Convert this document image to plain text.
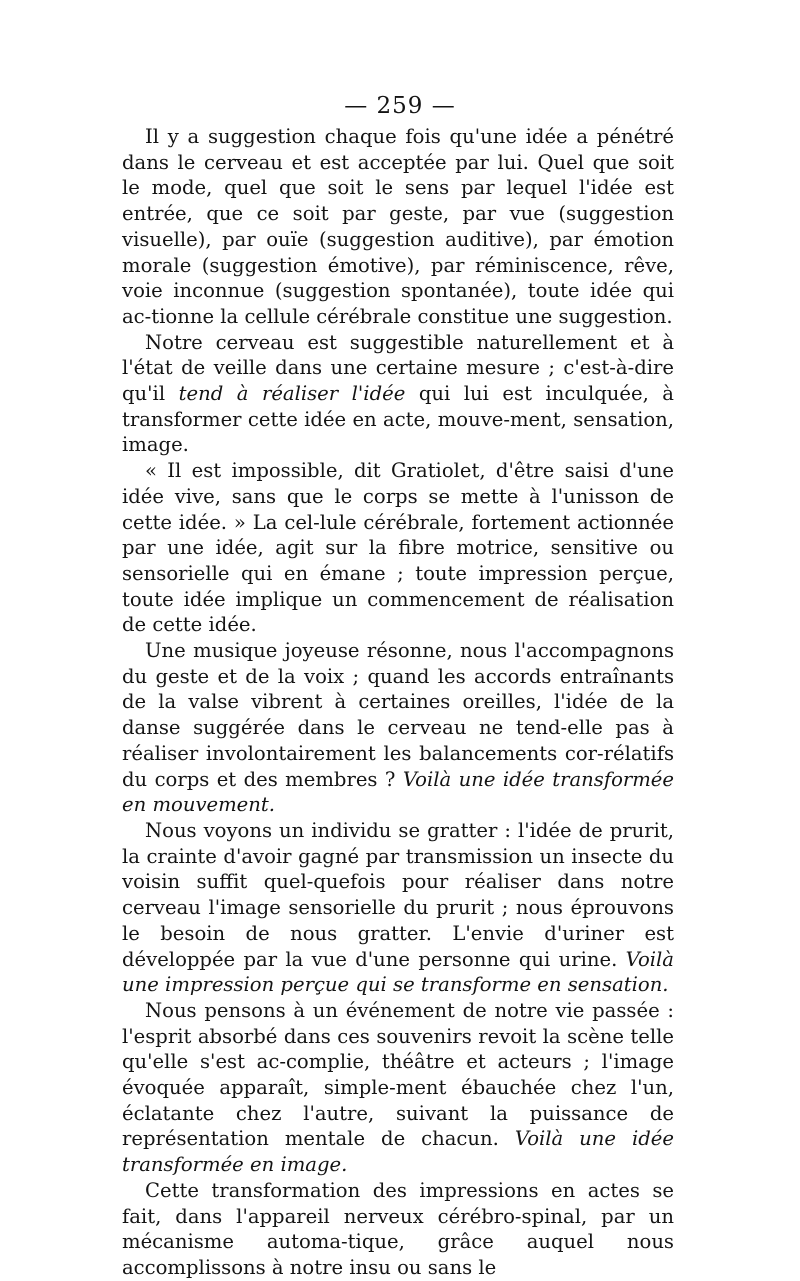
— 259 —

Il y a suggestion chaque fois qu'une idée a pénétré dans le cerveau et est acceptée par lui. Quel que soit le mode, quel que soit le sens par lequel l'idée est entrée, que ce soit par geste, par vue (suggestion visuelle), par ouïe (suggestion auditive), par émotion morale (suggestion émotive), par réminiscence, rêve, voie inconnue (suggestion spontanée), toute idée qui ac-tionne la cellule cérébrale constitue une suggestion.

Notre cerveau est suggestible naturellement et à l'état de veille dans une certaine mesure ; c'est-à-dire qu'il tend à réaliser l'idée qui lui est inculquée, à transformer cette idée en acte, mouve-ment, sensation, image.

« Il est impossible, dit Gratiolet, d'être saisi d'une idée vive, sans que le corps se mette à l'unisson de cette idée. » La cel-lule cérébrale, fortement actionnée par une idée, agit sur la fibre motrice, sensitive ou sensorielle qui en émane ; toute impression perçue, toute idée implique un commencement de réalisation de cette idée.

Une musique joyeuse résonne, nous l'accompagnons du geste et de la voix ; quand les accords entraînants de la valse vibrent à certaines oreilles, l'idée de la danse suggérée dans le cerveau ne tend-elle pas à réaliser involontairement les balancements cor-rélatifs du corps et des membres ? Voilà une idée transformée en mouvement.

Nous voyons un individu se gratter : l'idée de prurit, la crainte d'avoir gagné par transmission un insecte du voisin suffit quel-quefois pour réaliser dans notre cerveau l'image sensorielle du prurit ; nous éprouvons le besoin de nous gratter. L'envie d'uriner est développée par la vue d'une personne qui urine. Voilà une impression perçue qui se transforme en sensation.

Nous pensons à un événement de notre vie passée : l'esprit absorbé dans ces souvenirs revoit la scène telle qu'elle s'est ac-complie, théâtre et acteurs ; l'image évoquée apparaît, simple-ment ébauchée chez l'un, éclatante chez l'autre, suivant la puissance de représentation mentale de chacun. Voilà une idée transformée en image.

Cette transformation des impressions en actes se fait, dans l'appareil nerveux cérébro-spinal, par un mécanisme automa-tique, grâce auquel nous accomplissons à notre insu ou sans le
